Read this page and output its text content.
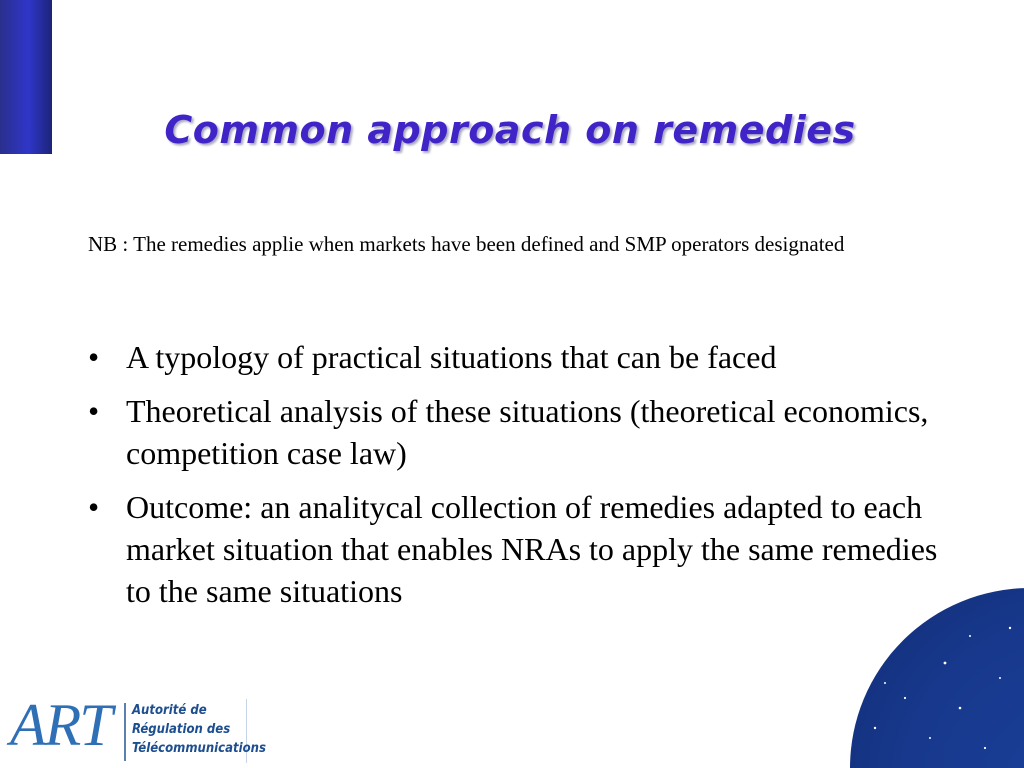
Common approach on remedies
NB : The remedies applie when markets have been defined and SMP operators designated
• A typology of practical situations that can be faced
• Theoretical analysis of these situations (theoretical economics, competition case law)
• Outcome: an analitycal collection of remedies adapted to each market situation that enables NRAs to apply the same remedies to the same situations
ART Autorité de
Régulation des
Télécommunications
